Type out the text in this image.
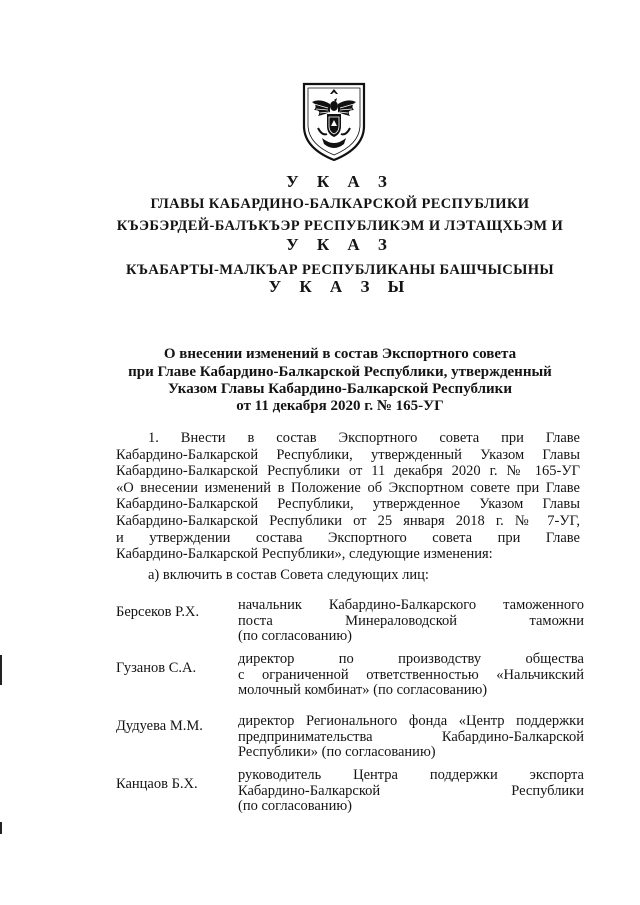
У К А З
ГЛАВЫ КАБАРДИНО-БАЛКАРСКОЙ РЕСПУБЛИКИ
КЪЭБЭРДЕЙ-БАЛЪКЪЭР РЕСПУБЛИКЭМ И ЛЭТАЩХЬЭМ И
У К А З
КЪАБАРТЫ-МАЛКЪАР РЕСПУБЛИКАНЫ БАШЧЫСЫНЫ
У К А З Ы
О внесении изменений в состав Экспортного совета
при Главе Кабардино-Балкарской Республики, утвержденный
Указом Главы Кабардино-Балкарской Республики
от 11 декабря 2020 г. № 165-УГ
1. Внести в состав Экспортного совета при Главе
Кабардино-Балкарской Республики, утвержденный Указом Главы
Кабардино-Балкарской Республики от 11 декабря 2020 г. № 165-УГ
«О внесении изменений в Положение об Экспортном совете при Главе
Кабардино-Балкарской Республики, утвержденное Указом Главы
Кабардино-Балкарской Республики от 25 января 2018 г. № 7-УГ,
и утверждении состава Экспортного совета при Главе
Кабардино-Балкарской Республики», следующие изменения:
а) включить в состав Совета следующих лиц:
Берсеков Р.Х.	начальник Кабардино-Балкарского таможенного
поста Минераловодской таможни
(по согласованию)
Гузанов С.А.
директор по производству общества
с ограниченной ответственностью «Нальчикский
молочный комбинат» (по согласованию)
Дудуева М.М. директор Регионального фонда «Центр поддержки
предпринимательства Кабардино-Балкарской
Республики» (по согласованию)
Канцаов Б.Х.
руководитель Центра поддержки экспорта
Кабардино-Балкарской Республики
(по согласованию)
